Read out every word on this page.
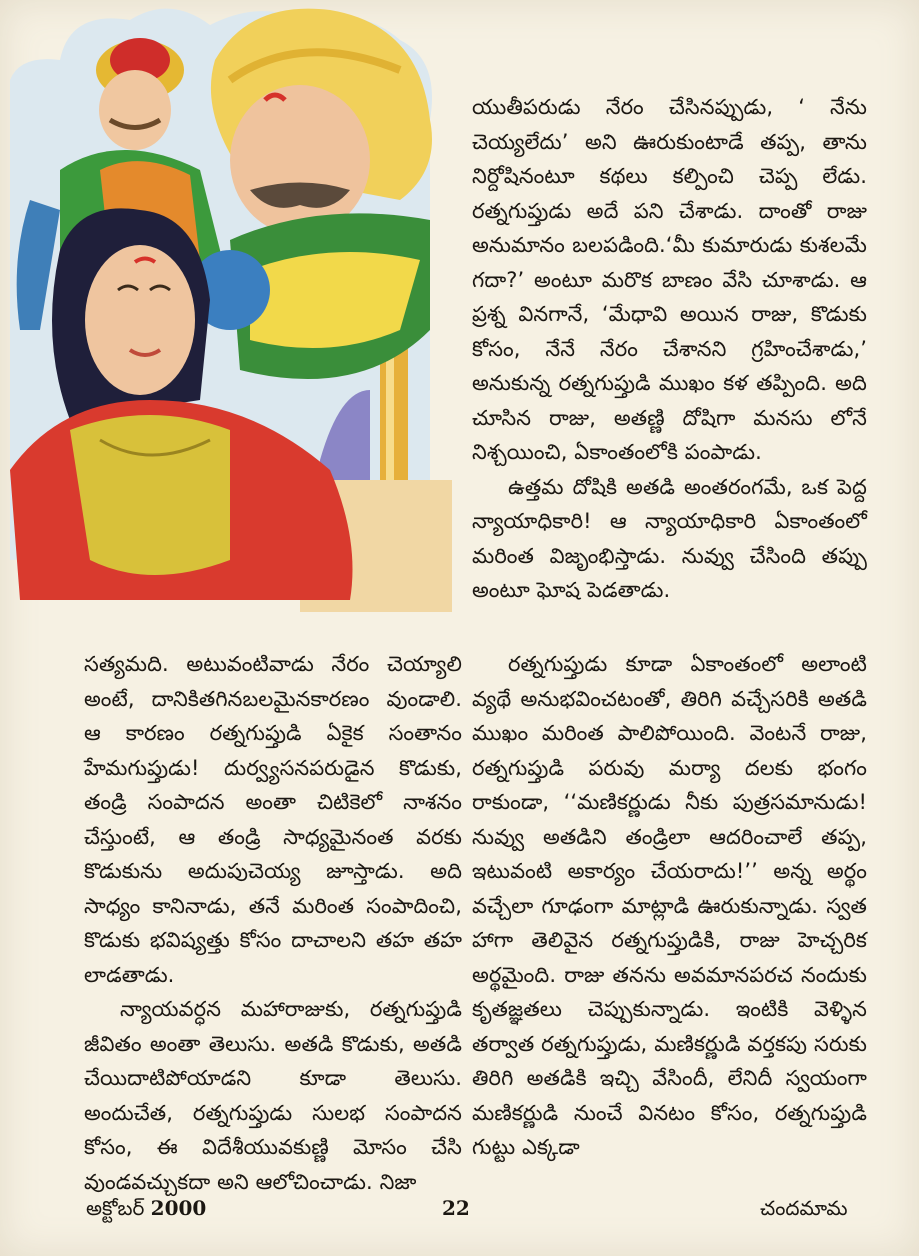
యుతీపరుడు నేరం చేసినప్పుడు, ‘ నేను చెయ్యలేదు’ అని ఊరుకుంటాడే తప్ప, తాను నిర్దోషినంటూ కథలు కల్పించి చెప్ప లేడు. రత్నగుప్తుడు అదే పని చేశాడు. దాంతో రాజు అనుమానం బలపడింది.‘మీ కుమారుడు కుశలమే గదా?’ అంటూ మరొక బాణం వేసి చూశాడు. ఆ ప్రశ్న వినగానే, ‘మేధావి అయిన రాజు, కొడుకు కోసం, నేనే నేరం చేశానని గ్రహించేశాడు,’ అనుకున్న రత్నగుప్తుడి ముఖం కళ తప్పింది. అది చూసిన రాజు, అతణ్ణి దోషిగా మనసు లోనే నిశ్చయించి, ఏకాంతంలోకి పంపాడు.

ఉత్తమ దోషికి అతడి అంతరంగమే, ఒక పెద్ద న్యాయాధికారి! ఆ న్యాయాధికారి ఏకాంతంలో మరింత విజృంభిస్తాడు. నువ్వు చేసింది తప్పు అంటూ ఘోష పెడతాడు.

సత్యమది. అటువంటివాడు నేరం చెయ్యాలి అంటే, దానికితగినబలమైనకారణం వుండాలి. ఆ కారణం రత్నగుప్తుడి ఏకైక సంతానం హేమగుప్తుడు! దుర్వ్యసనపరుడైన కొడుకు, తండ్రి సంపాదన అంతా చిటికెలో నాశనం చేస్తుంటే, ఆ తండ్రి సాధ్యమైనంత వరకు కొడుకును అదుపుచెయ్య జూస్తాడు. అది సాధ్యం కానినాడు, తనే మరింత సంపాదించి, కొడుకు భవిష్యత్తు కోసం దాచాలని తహ తహ లాడతాడు.

న్యాయవర్ధన మహారాజుకు, రత్నగుప్తుడి జీవితం అంతా తెలుసు. అతడి కొడుకు, అతడి చేయిదాటిపోయాడని కూడా తెలుసు. అందుచేత, రత్నగుప్తుడు సులభ సంపాదన కోసం, ఈ విదేశీయువకుణ్ణి మోసం చేసి వుండవచ్చుకదా అని ఆలోచించాడు. నిజా

రత్నగుప్తుడు కూడా ఏకాంతంలో అలాంటి వ్యథే అనుభవించటంతో, తిరిగి వచ్చేసరికి అతడి ముఖం మరింత పాలిపోయింది. వెంటనే రాజు, రత్నగుప్తుడి పరువు మర్యా దలకు భంగం రాకుండా, ‘‘మణికర్ణుడు నీకు పుత్రసమానుడు! నువ్వు అతడిని తండ్రిలా ఆదరించాలే తప్ప, ఇటువంటి అకార్యం చేయరాదు!’’ అన్న అర్థం వచ్చేలా గూఢంగా మాట్లాడి ఊరుకున్నాడు. స్వత హాగా తెలివైన రత్నగుప్తుడికి, రాజు హెచ్చరిక అర్థమైంది. రాజు తనను అవమానపరచ నందుకు కృతజ్ఞతలు చెప్పుకున్నాడు. ఇంటికి వెళ్ళిన తర్వాత రత్నగుప్తుడు, మణికర్ణుడి వర్తకపు సరుకు తిరిగి అతడికి ఇచ్చి వేసిందీ, లేనిదీ స్వయంగా మణికర్ణుడి నుంచే వినటం కోసం, రత్నగుప్తుడి గుట్టు ఎక్కడా

అక్టోబర్ 2000	22	చందమామ
